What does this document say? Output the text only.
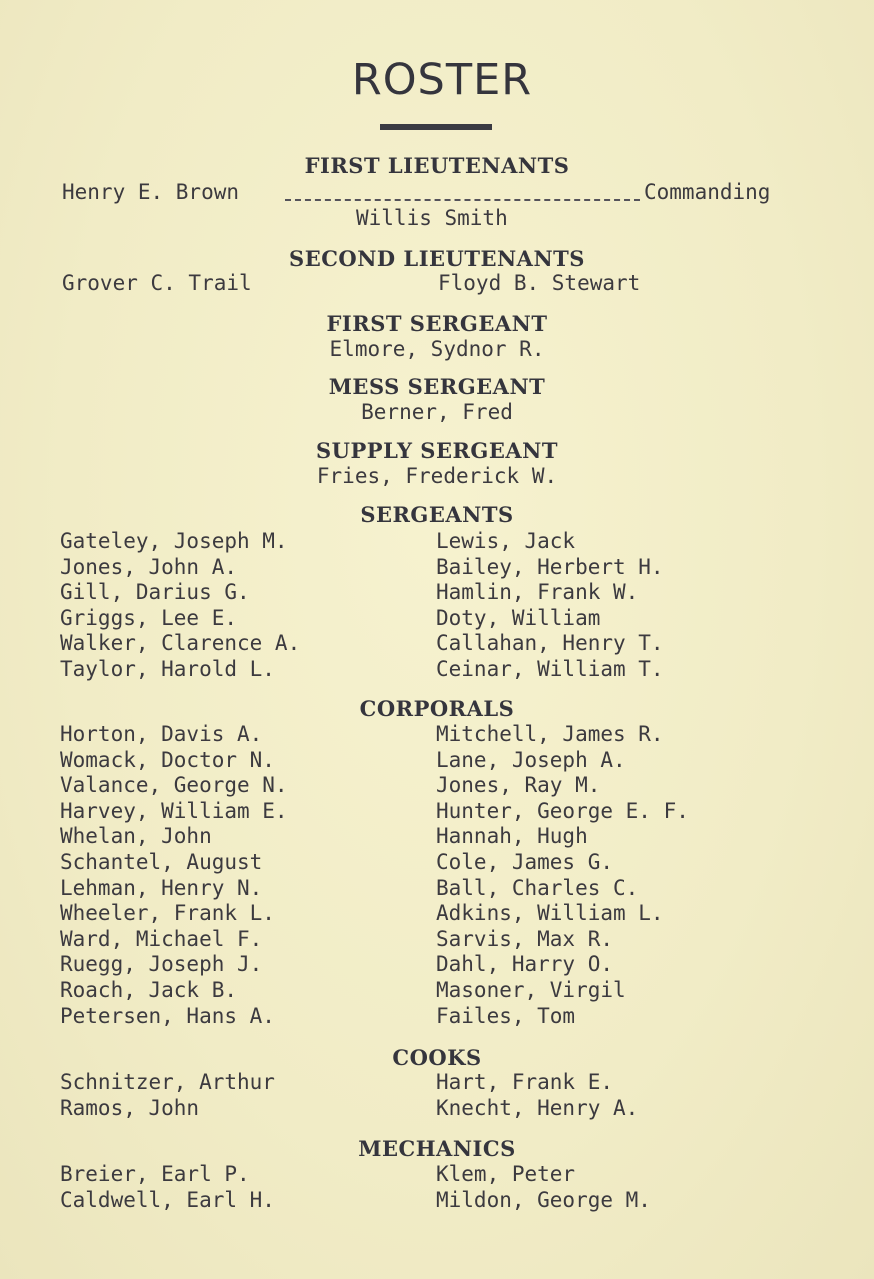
ROSTER
FIRST LIEUTENANTS
Henry E. Brown	Commanding
Willis Smith
SECOND LIEUTENANTS
Grover C. Trail	Floyd B. Stewart
FIRST SERGEANT
Elmore, Sydnor R.
MESS SERGEANT
Berner, Fred
SUPPLY SERGEANT
Fries, Frederick W.
SERGEANTS
Gateley, Joseph M.
Jones, John A.
Gill, Darius G.
Griggs, Lee E.
Walker, Clarence A.
Taylor, Harold L.
Lewis, Jack
Bailey, Herbert H.
Hamlin, Frank W.
Doty, William
Callahan, Henry T.
Ceinar, William T.
CORPORALS
Horton, Davis A.
Womack, Doctor N.
Valance, George N.
Harvey, William E.
Whelan, John
Schantel, August
Lehman, Henry N.
Wheeler, Frank L.
Ward, Michael F.
Ruegg, Joseph J.
Roach, Jack B.
Petersen, Hans A.
Mitchell, James R.
Lane, Joseph A.
Jones, Ray M.
Hunter, George E. F.
Hannah, Hugh
Cole, James G.
Ball, Charles C.
Adkins, William L.
Sarvis, Max R.
Dahl, Harry O.
Masoner, Virgil
Failes, Tom
COOKS
Schnitzer, Arthur
Ramos, John
Hart, Frank E.
Knecht, Henry A.
MECHANICS
Breier, Earl P.
Caldwell, Earl H.
Klem, Peter
Mildon, George M.
